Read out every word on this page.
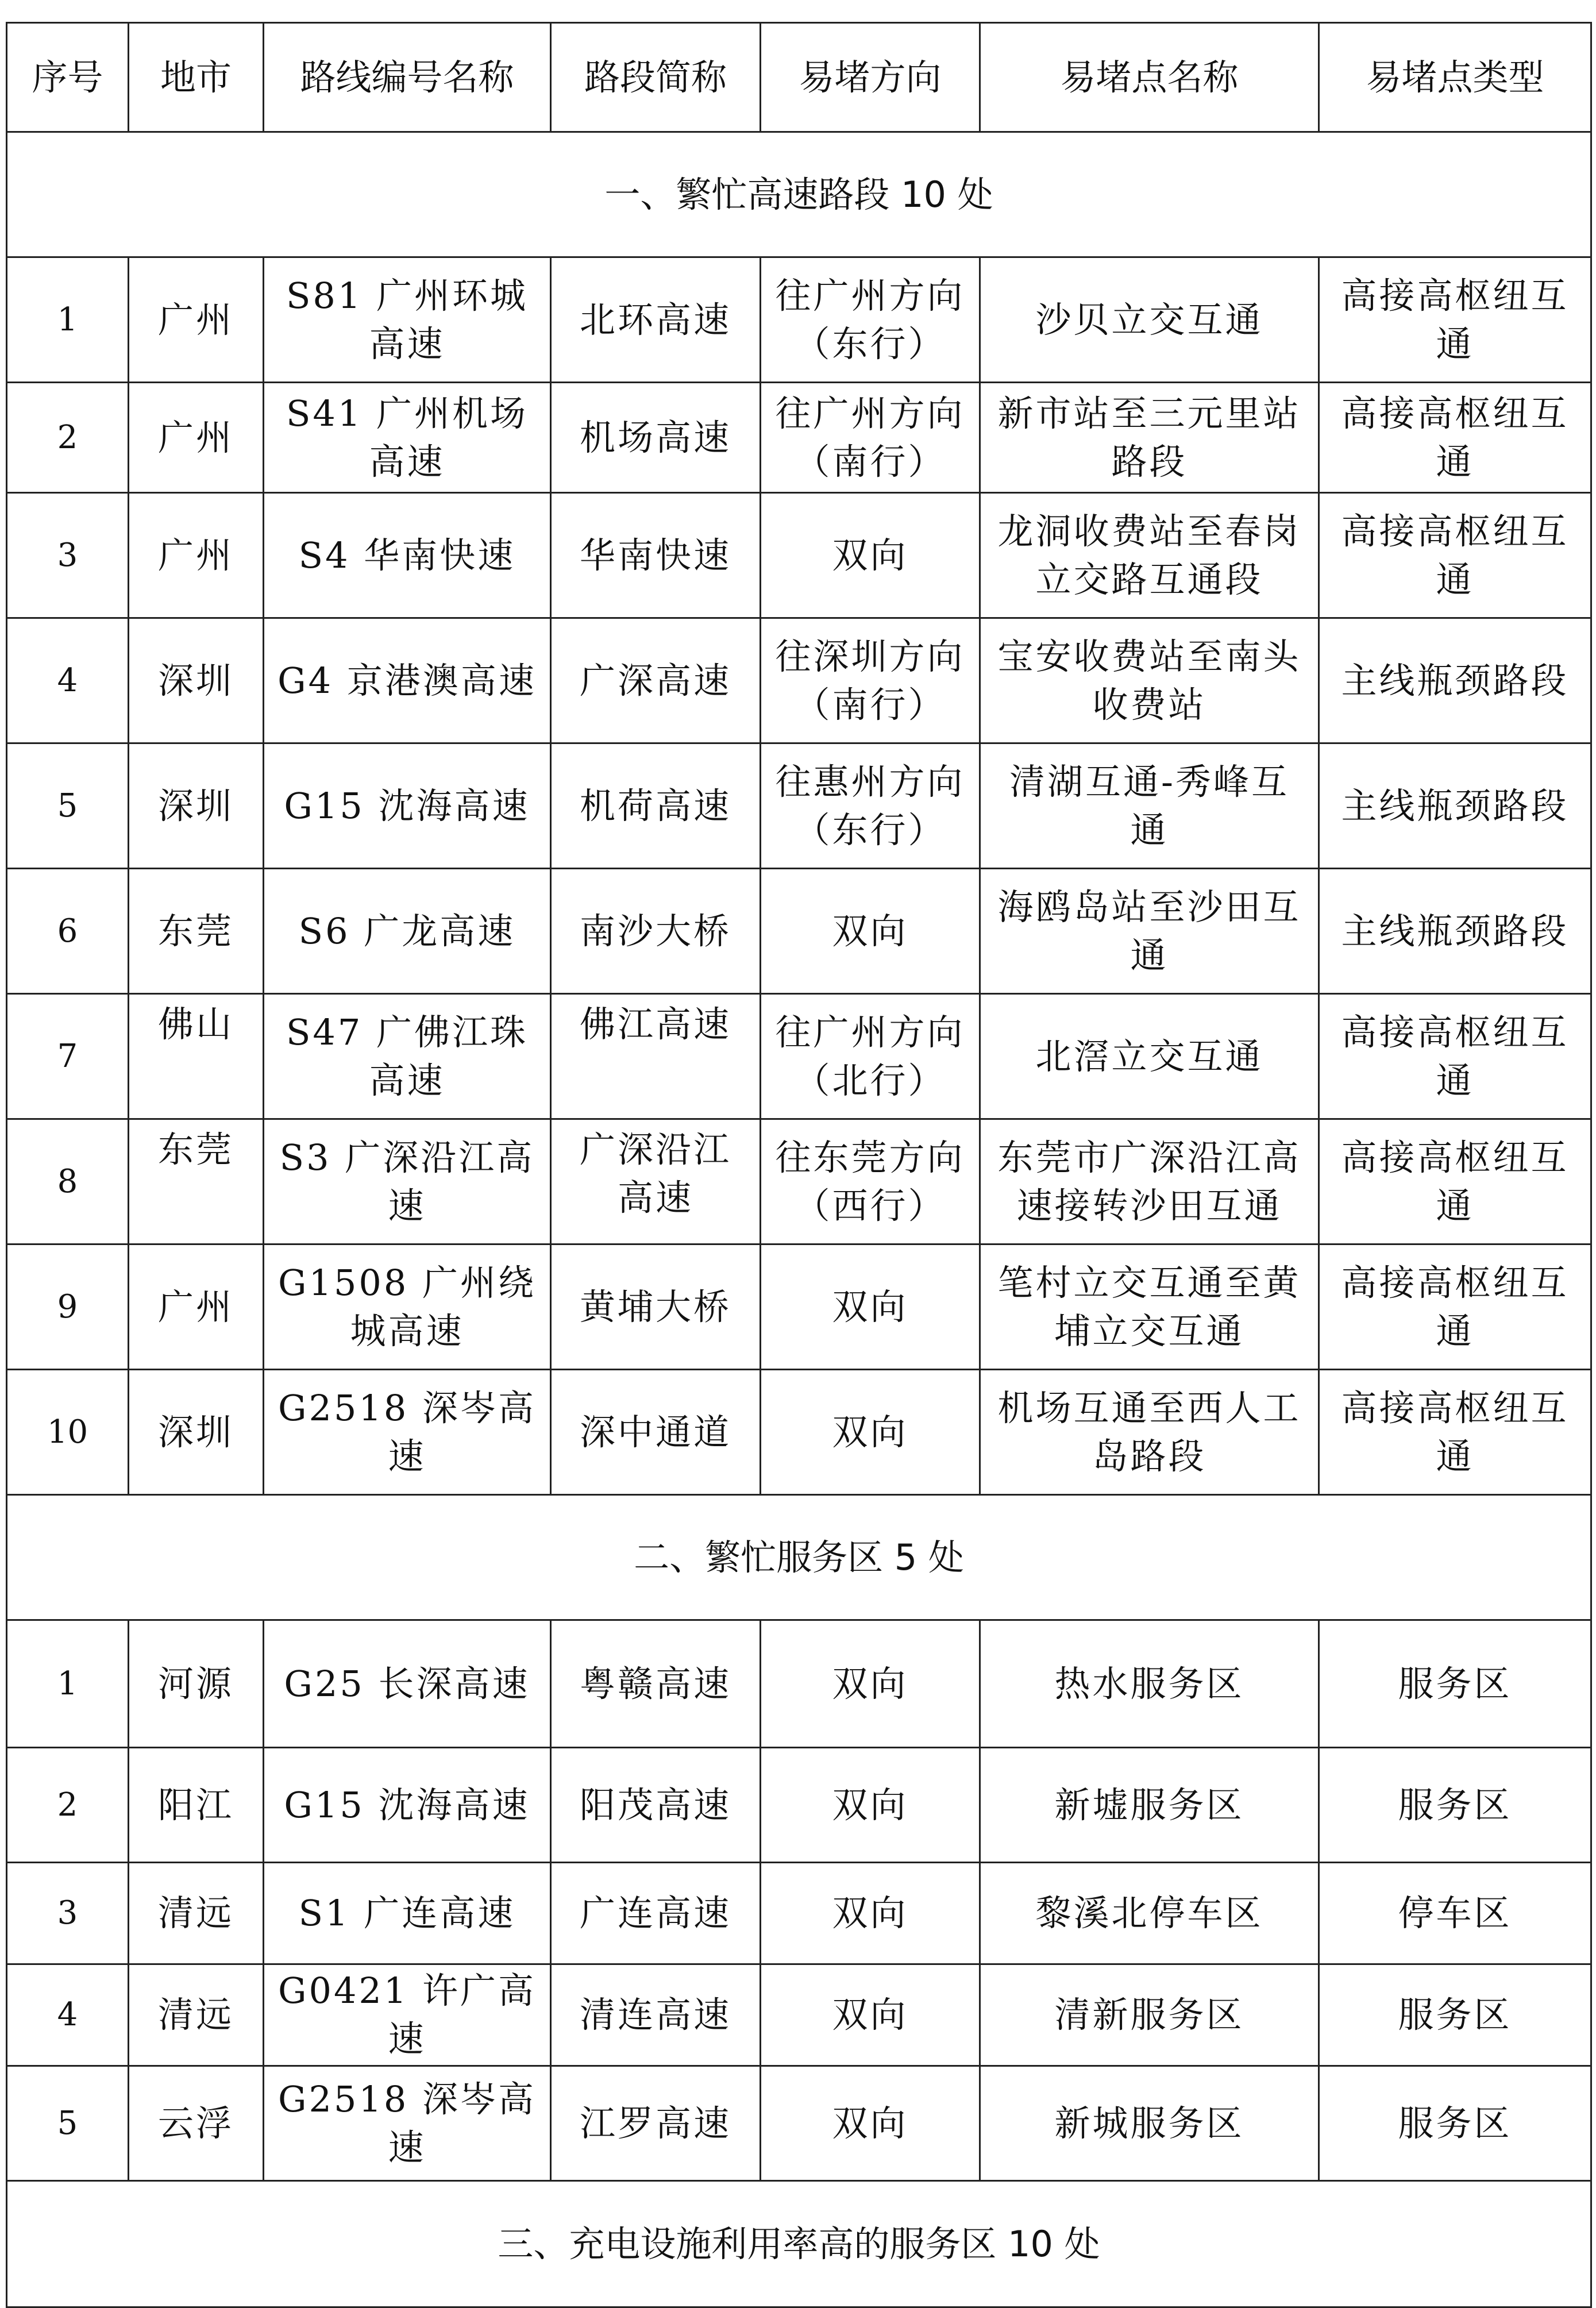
序号	地市	路线编号名称	路段简称	易堵方向	易堵点名称	易堵点类型
一、繁忙高速路段 10 处						
1	广州	S81 广州环城高速	北环高速	往广州方向（东行）	沙贝立交互通	高接高枢纽互通
2	广州	S41 广州机场高速	机场高速	往广州方向（南行）	新市站至三元里站路段	高接高枢纽互通
3	广州	S4 华南快速	华南快速	双向	龙洞收费站至春岗立交路互通段	高接高枢纽互通
4	深圳	G4 京港澳高速	广深高速	往深圳方向（南行）	宝安收费站至南头收费站	主线瓶颈路段
5	深圳	G15 沈海高速	机荷高速	往惠州方向（东行）	清湖互通-秀峰互通	主线瓶颈路段
6	东莞	S6 广龙高速	南沙大桥	双向	海鸥岛站至沙田互通	主线瓶颈路段
7	佛山	S47 广佛江珠高速	佛江高速	往广州方向（北行）	北滘立交互通	高接高枢纽互通
8	东莞	S3 广深沿江高速	广深沿江高速	往东莞方向（西行）	东莞市广深沿江高速接转沙田互通	高接高枢纽互通
9	广州	G1508 广州绕城高速	黄埔大桥	双向	笔村立交互通至黄埔立交互通	高接高枢纽互通
10	深圳	G2518 深岑高速	深中通道	双向	机场互通至西人工岛路段	高接高枢纽互通
二、繁忙服务区 5 处						
1	河源	G25 长深高速	粤赣高速	双向	热水服务区	服务区
2	阳江	G15 沈海高速	阳茂高速	双向	新墟服务区	服务区
3	清远	S1 广连高速	广连高速	双向	黎溪北停车区	停车区
4	清远	G0421 许广高速	清连高速	双向	清新服务区	服务区
5	云浮	G2518 深岑高速	江罗高速	双向	新城服务区	服务区
三、充电设施利用率高的服务区 10 处						
